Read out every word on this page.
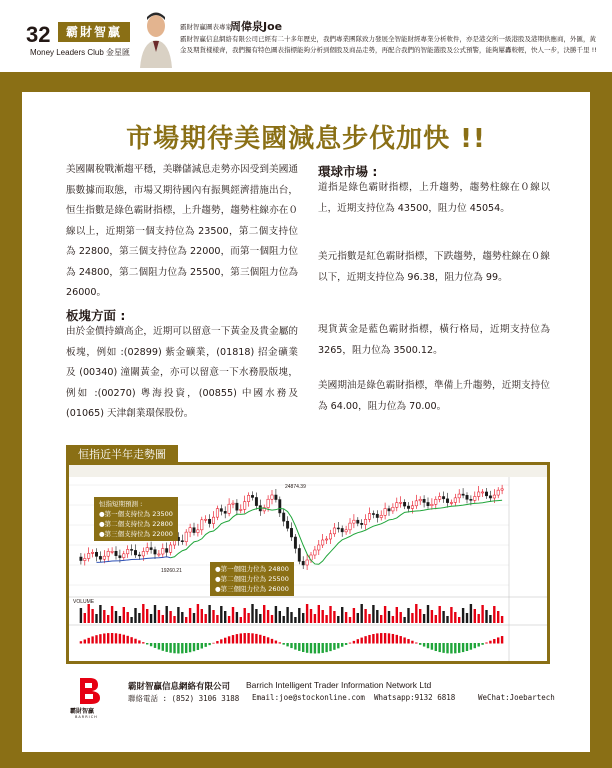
32	霸財智贏
Money Leaders Club 金星匯
霸財智贏圖表專家
周偉泉Joe
霸財智贏信息網絡有限公司已經有二十多年歷史，我們專業團隊致力發展全智能財經專業分析軟件，亦是港交所一級港股及港期供應商，外匯，黃金及期貨樣樣齊，我們獨有特色圖表指標能夠分析到個股及商品走勢，再配合我們的智能選股及公式預警，能夠屢轟較輕，快人一步，決勝千里 !!
市場期待美國減息步伐加快 !!
美國關稅戰漸趨平穩，美聯儲減息走勢亦因受到美國通脹數據而取態，市場又期待國內有振興經濟措施出台，恒生指數是綠色霸財指標，上升趨勢，趨勢柱線亦在０線以上，近期第一個支持位為 23500，第二個支持位為 22800，第三個支持位為 22000，而第一個阻力位為 24800，第二個阻力位為 25500，第三個阻力位為 26000。
板塊方面 :
由於金價持續高企，近期可以留意一下黃金及貴金屬的板塊，例如 :(02899) 紫金礦業，(01818) 招金礦業及 (00340) 潼關黃金，亦可以留意一下水務股版塊，例如 :(00270) 粵海投資，(00855) 中國水務及 (01065) 天津創業環保股份。
環球市場 :
道指是綠色霸財指標，上升趨勢，趨勢柱線在０線以上，近期支持位為 43500，阻力位 45054。
美元指數是紅色霸財指標，下跌趨勢，趨勢柱線在０線以下，近期支持位為 96.38，阻力位為 99。
現貨黃金是藍色霸財指標，橫行格局，近期支持位為 3265，阻力位為 3500.12。
美國期油是綠色霸財指標，準備上升趨勢，近期支持位為 64.00，阻力位為 70.00。
恒指近半年走勢圖
24874.39
19260.21
VOLUME
恒指短期預測 :
●第一個支持位為 23500
●第二個支持位為 22800
●第三個支持位為 22000
●第一個阻力位為 24800
●第二個阻力位為 25500
●第三個阻力位為 26000
霸財智贏
BARRICH
霸財智贏信息網絡有限公司 Barrich Intelligent Trader Information Network Ltd
聯絡電話 : (852) 3106 3188 Email:joe@stockonline.com Whatsapp:9132 6818	WeChat:Joebartech
